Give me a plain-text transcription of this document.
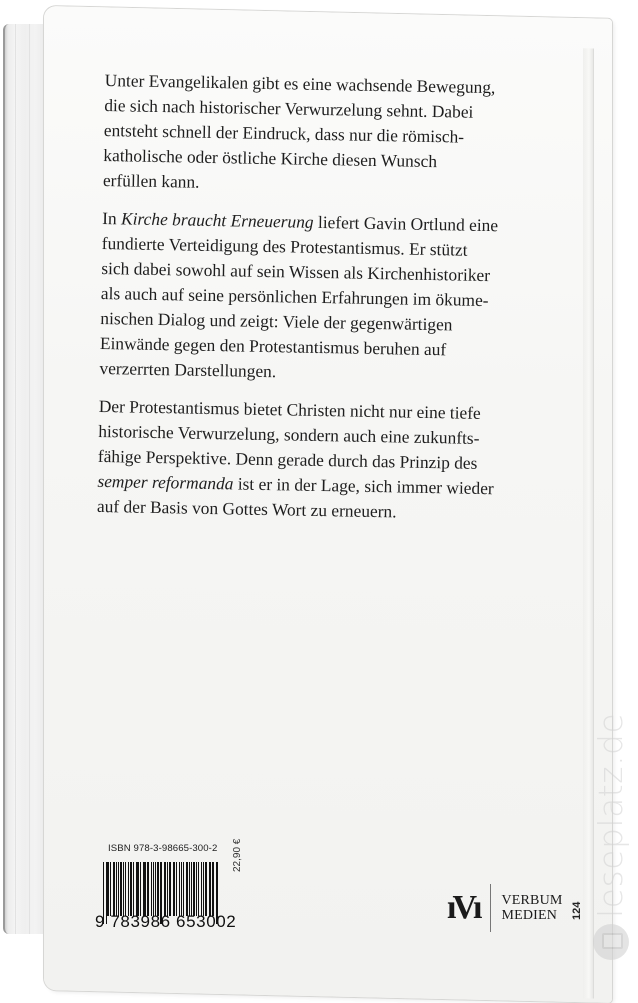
Unter Evangelikalen gibt es eine wachsende Bewegung,
die sich nach historischer Verwurzelung sehnt. Dabei
entsteht schnell der Eindruck, dass nur die römisch-
katholische oder östliche Kirche diesen Wunsch
erfüllen kann.

In Kirche braucht Erneuerung liefert Gavin Ortlund eine
fundierte Verteidigung des Protestantismus. Er stützt
sich dabei sowohl auf sein Wissen als Kirchenhistoriker
als auch auf seine persönlichen Erfahrungen im ökume-
nischen Dialog und zeigt: Viele der gegenwärtigen
Einwände gegen den Protestantismus beruhen auf
verzerrten Darstellungen.

Der Protestantismus bietet Christen nicht nur eine tiefe
historische Verwurzelung, sondern auch eine zukunfts-
fähige Perspektive. Denn gerade durch das Prinzip des
semper reformanda ist er in der Lage, sich immer wieder
auf der Basis von Gottes Wort zu erneuern.

ISBN 978-3-98665-300-2
9 783986 653002
22,90 €
ıVı VERBUM
MEDIEN	124 leseplatz.de
